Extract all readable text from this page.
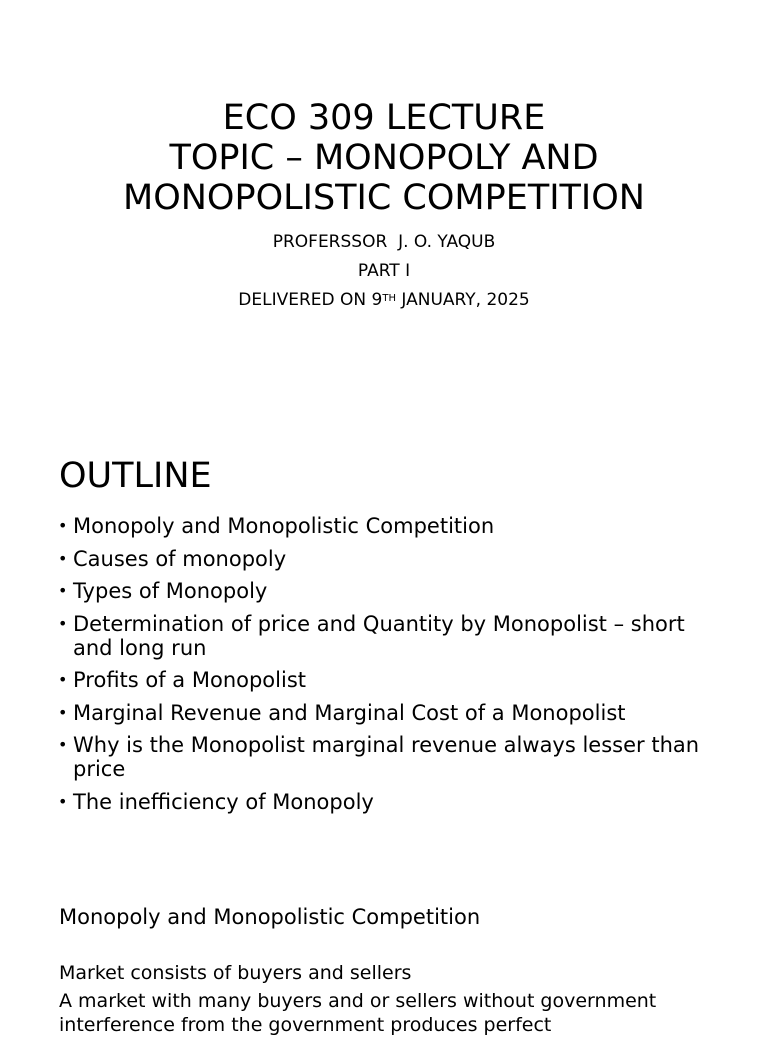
ECO 309 LECTURE
TOPIC – MONOPOLY AND
MONOPOLISTIC COMPETITION
PROFERSSOR  J. O. YAQUB
PART I
DELIVERED ON 9TH JANUARY, 2025
OUTLINE
• Monopoly and Monopolistic Competition
• Causes of monopoly
• Types of Monopoly
• Determination of price and Quantity by Monopolist – short and long run
• Profits of a Monopolist
• Marginal Revenue and Marginal Cost of a Monopolist
• Why is the Monopolist marginal revenue always lesser than price
• The inefficiency of Monopoly
Monopoly and Monopolistic Competition
Market consists of buyers and sellers
A market with many buyers and or sellers without government interference from the government produces perfect
